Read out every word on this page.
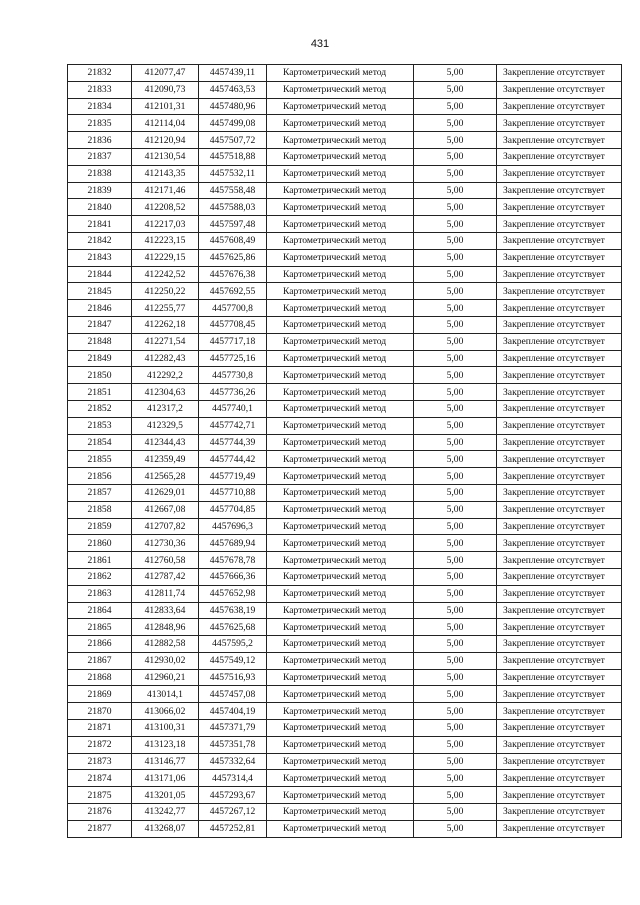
431
21832	412077,47	4457439,11	Картометрический метод	5,00	Закрепление отсутствует
21833	412090,73	4457463,53	Картометрический метод	5,00	Закрепление отсутствует
21834	412101,31	4457480,96	Картометрический метод	5,00	Закрепление отсутствует
21835	412114,04	4457499,08	Картометрический метод	5,00	Закрепление отсутствует
21836	412120,94	4457507,72	Картометрический метод	5,00	Закрепление отсутствует
21837	412130,54	4457518,88	Картометрический метод	5,00	Закрепление отсутствует
21838	412143,35	4457532,11	Картометрический метод	5,00	Закрепление отсутствует
21839	412171,46	4457558,48	Картометрический метод	5,00	Закрепление отсутствует
21840	412208,52	4457588,03	Картометрический метод	5,00	Закрепление отсутствует
21841	412217,03	4457597,48	Картометрический метод	5,00	Закрепление отсутствует
21842	412223,15	4457608,49	Картометрический метод	5,00	Закрепление отсутствует
21843	412229,15	4457625,86	Картометрический метод	5,00	Закрепление отсутствует
21844	412242,52	4457676,38	Картометрический метод	5,00	Закрепление отсутствует
21845	412250,22	4457692,55	Картометрический метод	5,00	Закрепление отсутствует
21846	412255,77	4457700,8	Картометрический метод	5,00	Закрепление отсутствует
21847	412262,18	4457708,45	Картометрический метод	5,00	Закрепление отсутствует
21848	412271,54	4457717,18	Картометрический метод	5,00	Закрепление отсутствует
21849	412282,43	4457725,16	Картометрический метод	5,00	Закрепление отсутствует
21850	412292,2	4457730,8	Картометрический метод	5,00	Закрепление отсутствует
21851	412304,63	4457736,26	Картометрический метод	5,00	Закрепление отсутствует
21852	412317,2	4457740,1	Картометрический метод	5,00	Закрепление отсутствует
21853	412329,5	4457742,71	Картометрический метод	5,00	Закрепление отсутствует
21854	412344,43	4457744,39	Картометрический метод	5,00	Закрепление отсутствует
21855	412359,49	4457744,42	Картометрический метод	5,00	Закрепление отсутствует
21856	412565,28	4457719,49	Картометрический метод	5,00	Закрепление отсутствует
21857	412629,01	4457710,88	Картометрический метод	5,00	Закрепление отсутствует
21858	412667,08	4457704,85	Картометрический метод	5,00	Закрепление отсутствует
21859	412707,82	4457696,3	Картометрический метод	5,00	Закрепление отсутствует
21860	412730,36	4457689,94	Картометрический метод	5,00	Закрепление отсутствует
21861	412760,58	4457678,78	Картометрический метод	5,00	Закрепление отсутствует
21862	412787,42	4457666,36	Картометрический метод	5,00	Закрепление отсутствует
21863	412811,74	4457652,98	Картометрический метод	5,00	Закрепление отсутствует
21864	412833,64	4457638,19	Картометрический метод	5,00	Закрепление отсутствует
21865	412848,96	4457625,68	Картометрический метод	5,00	Закрепление отсутствует
21866	412882,58	4457595,2	Картометрический метод	5,00	Закрепление отсутствует
21867	412930,02	4457549,12	Картометрический метод	5,00	Закрепление отсутствует
21868	412960,21	4457516,93	Картометрический метод	5,00	Закрепление отсутствует
21869	413014,1	4457457,08	Картометрический метод	5,00	Закрепление отсутствует
21870	413066,02	4457404,19	Картометрический метод	5,00	Закрепление отсутствует
21871	413100,31	4457371,79	Картометрический метод	5,00	Закрепление отсутствует
21872	413123,18	4457351,78	Картометрический метод	5,00	Закрепление отсутствует
21873	413146,77	4457332,64	Картометрический метод	5,00	Закрепление отсутствует
21874	413171,06	4457314,4	Картометрический метод	5,00	Закрепление отсутствует
21875	413201,05	4457293,67	Картометрический метод	5,00	Закрепление отсутствует
21876	413242,77	4457267,12	Картометрический метод	5,00	Закрепление отсутствует
21877	413268,07	4457252,81	Картометрический метод	5,00	Закрепление отсутствует
